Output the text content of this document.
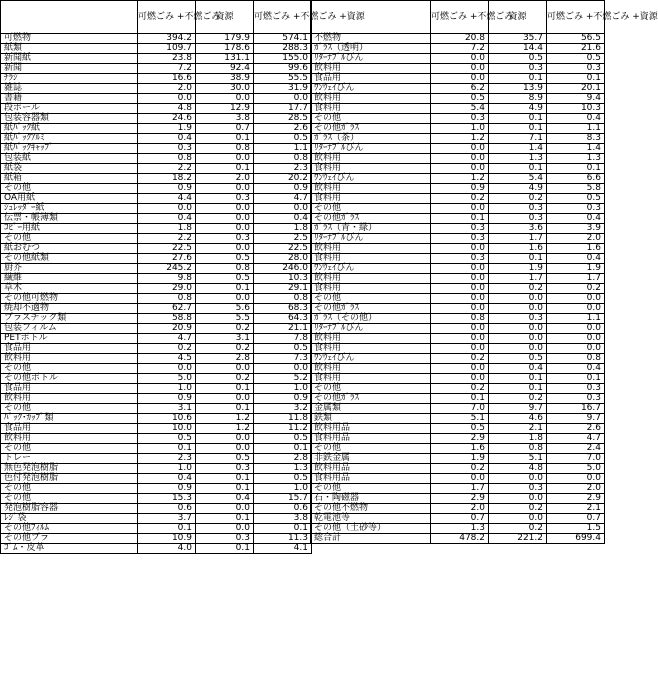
	可燃ごみ +不燃ごみ	資源	可燃ごみ +不燃ごみ +資源
可燃物	394.2	179.9	574.1
紙類	109.7	178.6	288.3
新聞紙	23.8	131.1	155.0
新聞	7.2	92.4	99.6
ﾁﾗｼ	16.6	38.9	55.5
雑誌	2.0	30.0	31.9
書籍	0.0	0.0	0.0
段ボール	4.8	12.9	17.7
包装容器類	24.6	3.8	28.5
紙ﾊﾟｯｸ紙	1.9	0.7	2.6
紙ﾊﾟｯｸｱﾙﾐ	0.4	0.1	0.5
紙ﾊﾟｯｸｷｬｯﾌﾟ	0.3	0.8	1.1
包装紙	0.8	0.0	0.8
紙袋	2.2	0.1	2.3
紙箱	18.2	2.0	20.2
その他	0.9	0.0	0.9
OA用紙	4.4	0.3	4.7
ｼｭﾚｯﾀﾞｰ紙	0.0	0.0	0.0
伝票・帳簿類	0.4	0.0	0.4
ｺﾋﾟｰ用紙	1.8	0.0	1.8
その他	2.2	0.3	2.5
紙おむつ	22.5	0.0	22.5
その他紙類	27.6	0.5	28.0
厨芥	245.2	0.8	246.0
繊維	9.8	0.5	10.3
草木	29.0	0.1	29.1
その他可燃物	0.8	0.0	0.8
焼却不適物	62.7	5.6	68.3
プラスチック類	58.8	5.5	64.3
包装フィルム	20.9	0.2	21.1
PETボトル	4.7	3.1	7.8
食品用	0.2	0.2	0.5
飲料用	4.5	2.8	7.3
その他	0.0	0.0	0.0
その他ボトル	5.0	0.2	5.2
食品用	1.0	0.1	1.0
飲料用	0.9	0.0	0.9
その他	3.1	0.1	3.2
ﾊﾟｯｸ･ｶｯﾌﾟ類	10.6	1.2	11.8
食品用	10.0	1.2	11.2
飲料用	0.5	0.0	0.5
その他	0.1	0.0	0.1
トレー	2.3	0.5	2.8
無色発泡樹脂	1.0	0.3	1.3
色付発泡樹脂	0.4	0.1	0.5
その他	0.9	0.1	1.0
その他	15.3	0.4	15.7
発泡樹脂容器	0.6	0.0	0.6
ﾚｼﾞ袋	3.7	0.1	3.8
その他ﾌｨﾙﾑ	0.1	0.0	0.1
その他プラ	10.9	0.3	11.3
ｺﾞﾑ・皮革	4.0	0.1	4.1
	可燃ごみ +不燃ごみ	資源	可燃ごみ +不燃ごみ +資源
不燃物	20.8	35.7	56.5
ｶﾞﾗｽ（透明）	7.2	14.4	21.6
ﾘﾀｰﾅﾌﾞﾙびん	0.0	0.5	0.5
飲料用	0.0	0.3	0.3
食品用	0.0	0.1	0.1
ﾜﾝｳｪｲびん	6.2	13.9	20.1
飲料用	0.5	8.9	9.4
食料用	5.4	4.9	10.3
その他	0.3	0.1	0.4
その他ｶﾞﾗｽ	1.0	0.1	1.1
ｶﾞﾗｽ（茶）	1.2	7.1	8.3
ﾘﾀｰﾅﾌﾞﾙびん	0.0	1.4	1.4
飲料用	0.0	1.3	1.3
食料用	0.0	0.1	0.1
ﾜﾝｳｪｲびん	1.2	5.4	6.6
飲料用	0.9	4.9	5.8
食料用	0.2	0.2	0.5
その他	0.0	0.3	0.3
その他ｶﾞﾗｽ	0.1	0.3	0.4
ｶﾞﾗｽ（青・緑）	0.3	3.6	3.9
ﾘﾀｰﾅﾌﾞﾙびん	0.3	1.7	2.0
飲料用	0.0	1.6	1.6
食料用	0.3	0.1	0.4
ﾜﾝｳｪｲびん	0.0	1.9	1.9
飲料用	0.0	1.7	1.7
食料用	0.0	0.2	0.2
その他	0.0	0.0	0.0
その他ｶﾞﾗｽ	0.0	0.0	0.0
ｶﾞﾗｽ（その他）	0.8	0.3	1.1
ﾘﾀｰﾅﾌﾞﾙびん	0.0	0.0	0.0
飲料用	0.0	0.0	0.0
食料用	0.0	0.0	0.0
ﾜﾝｳｪｲびん	0.2	0.5	0.8
飲料用	0.0	0.4	0.4
食料用	0.0	0.1	0.1
その他	0.2	0.1	0.3
その他ｶﾞﾗｽ	0.1	0.2	0.3
金属類	7.0	9.7	16.7
鉄類	5.1	4.6	9.7
飲料用品	0.5	2.1	2.6
食料用品	2.9	1.8	4.7
その他	1.6	0.8	2.4
非鉄金属	1.9	5.1	7.0
飲料用品	0.2	4.8	5.0
食料用品	0.0	0.0	0.0
その他	1.7	0.3	2.0
石・陶磁器	2.9	0.0	2.9
その他不燃物	2.0	0.2	2.1
乾電池等	0.7	0.0	0.7
その他（土砂等）	1.3	0.2	1.5
総合計	478.2	221.2	699.4
